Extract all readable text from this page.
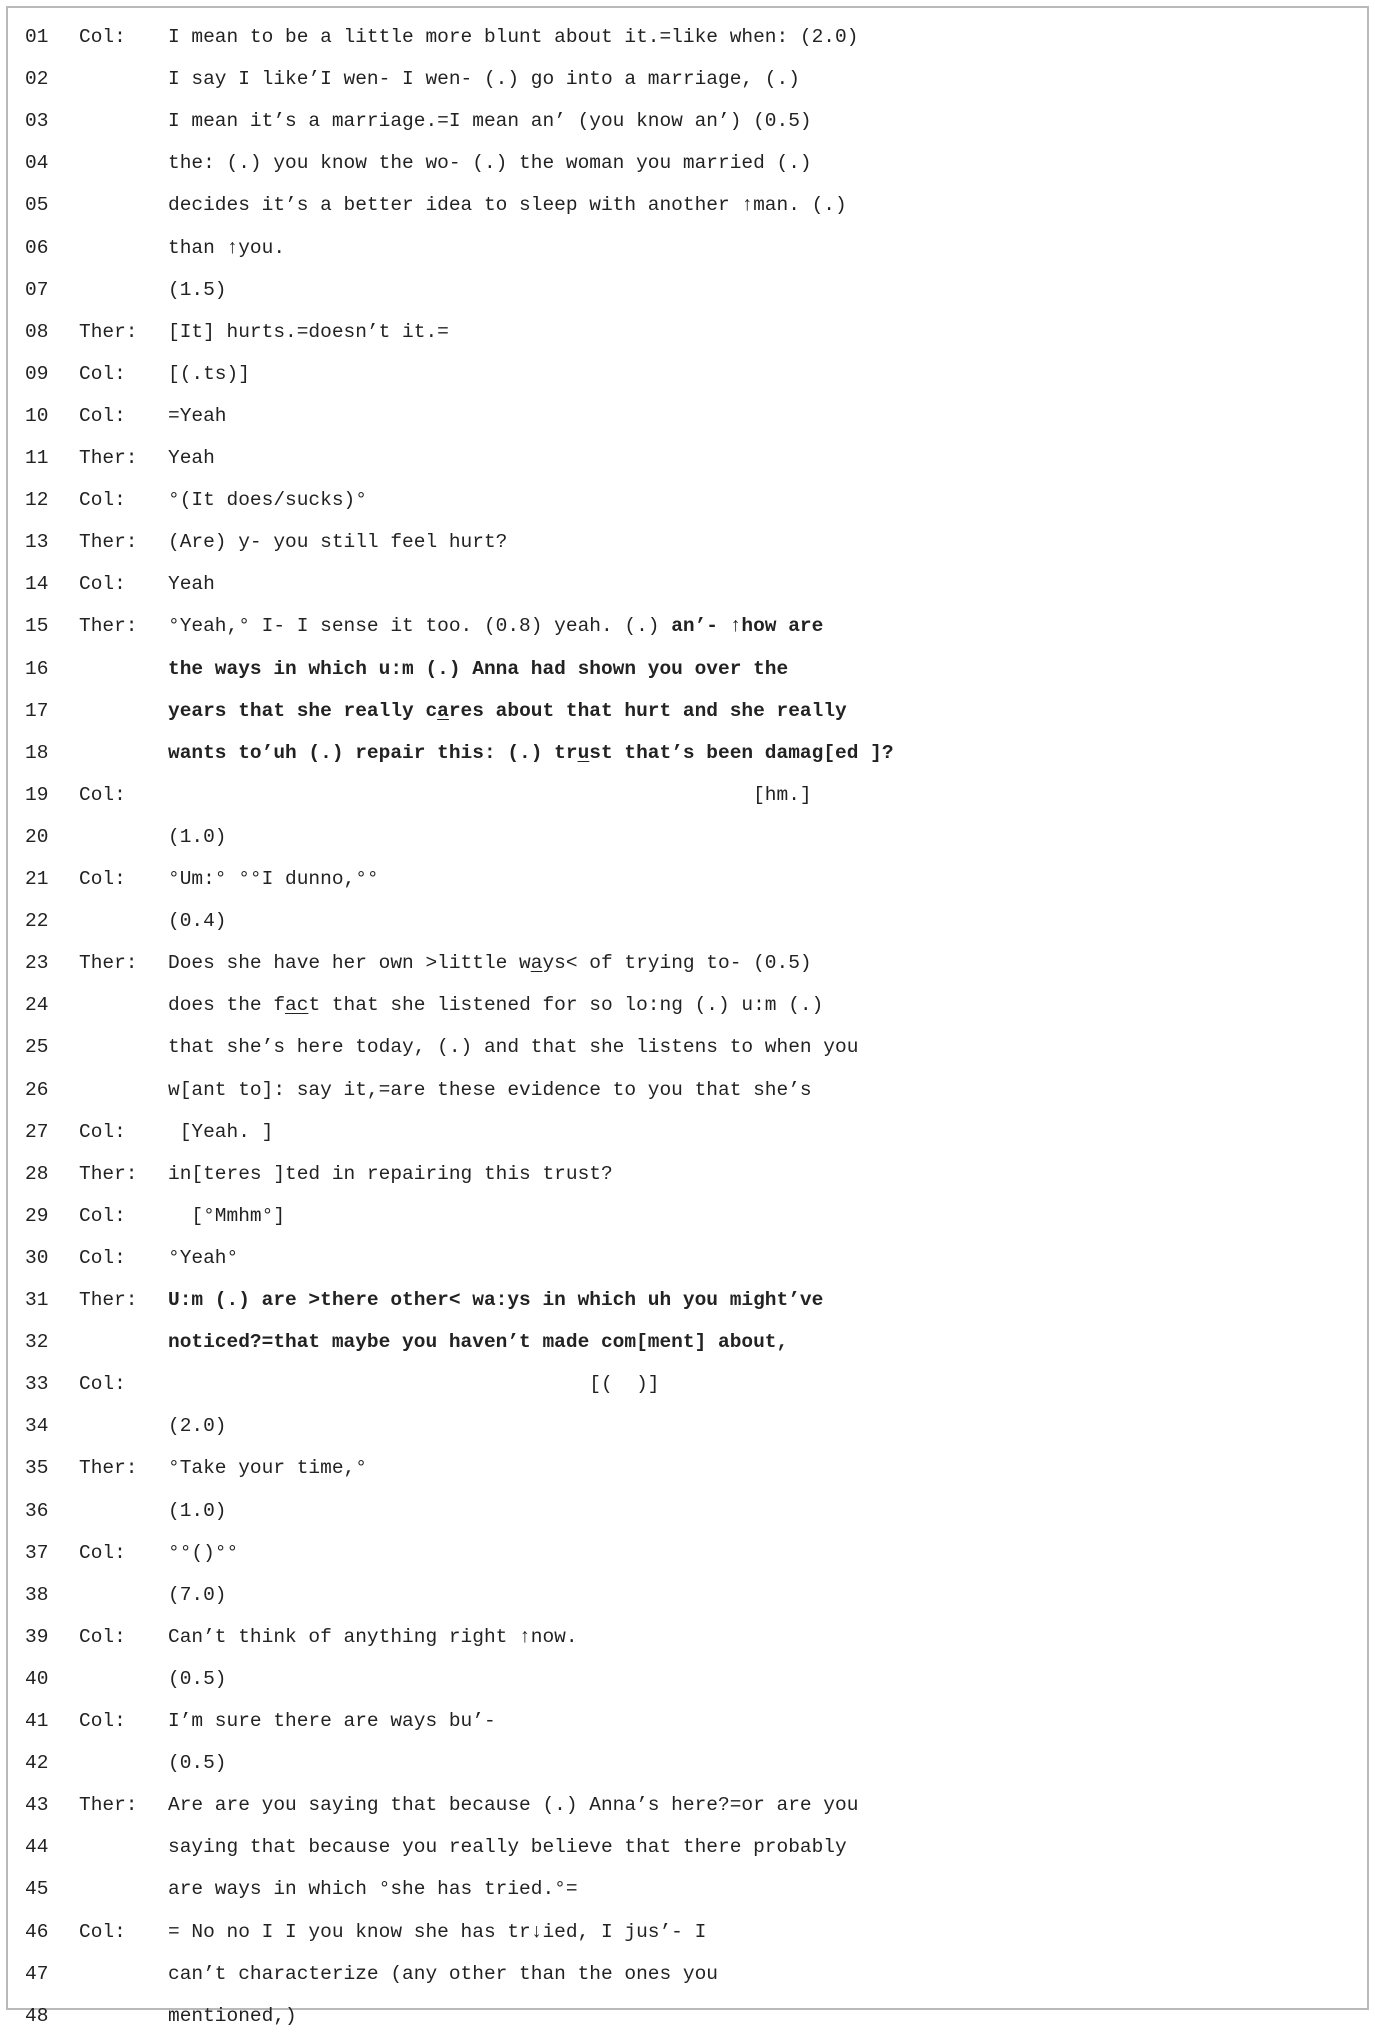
01 Col: I mean to be a little more blunt about it.=like when: (2.0)
02	I say I like’I wen- I wen- (.) go into a marriage, (.)
03	I mean it’s a marriage.=I mean an’ (you know an’) (0.5)
04	the: (.) you know the wo- (.) the woman you married (.)
05	decides it’s a better idea to sleep with another ↑man. (.)
06	than ↑you.
07	(1.5)
08 Ther: [It] hurts.=doesn’t it.=
09 Col: [(.ts)]
10 Col: =Yeah
11 Ther: Yeah
12 Col: °(It does/sucks)°
13 Ther: (Are) y- you still feel hurt?
14 Col: Yeah
15 Ther: °Yeah,° I- I sense it too. (0.8) yeah. (.) an’- ↑how are
16	the ways in which u:m (.) Anna had shown you over the
17	years that she really cares about that hurt and she really
18	wants to’uh (.) repair this: (.) trust that’s been damag[ed ]?
19 Col: [hm.]
20	(1.0)
21 Col: °Um:° °°I dunno,°°
22	(0.4)
23 Ther: Does she have her own >little ways< of trying to- (0.5)
24	does the fact that she listened for so lo:ng (.) u:m (.)
25	that she’s here today, (.) and that she listens to when you
26	w[ant to]: say it,=are these evidence to you that she’s
27 Col: [Yeah. ]
28 Ther: in[teres ]ted in repairing this trust?
29 Col: [°Mmhm°]
30 Col: °Yeah°
31 Ther: U:m (.) are >there other< wa:ys in which uh you might’ve
32	noticed?=that maybe you haven’t made com[ment] about,
33 Col: [(  )]
34	(2.0)
35 Ther: °Take your time,°
36	(1.0)
37 Col: °°()°°
38	(7.0)
39 Col: Can’t think of anything right ↑now.
40	(0.5)
41 Col: I’m sure there are ways bu’-
42	(0.5)
43 Ther: Are are you saying that because (.) Anna’s here?=or are you
44	saying that because you really believe that there probably
45	are ways in which °she has tried.°=
46 Col: = No no I I you know she has tr↓ied, I jus’- I
47	can’t characterize (any other than the ones you
48	mentioned,)
